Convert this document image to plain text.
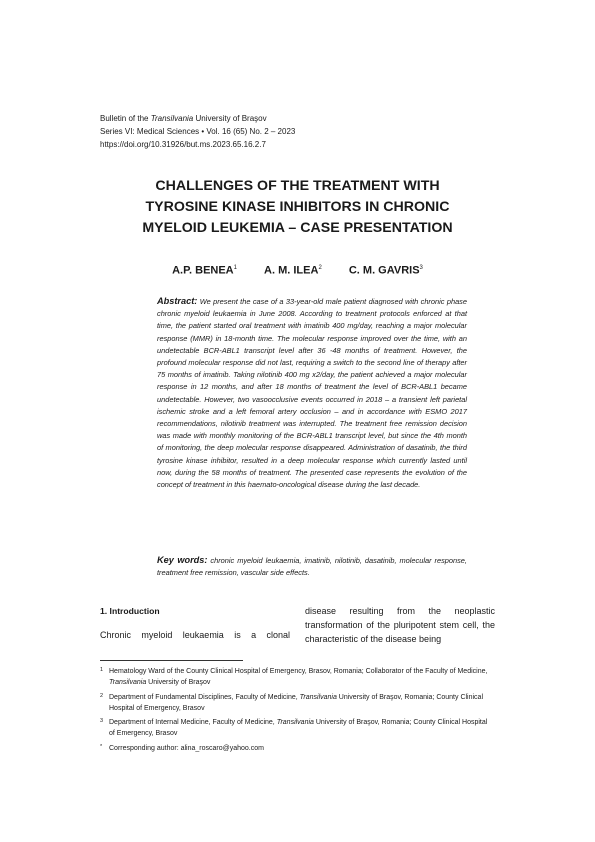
Bulletin of the Transilvania University of Braşov
Series VI: Medical Sciences • Vol. 16 (65) No. 2 – 2023
https://doi.org/10.31926/but.ms.2023.65.16.2.7
CHALLENGES OF THE TREATMENT WITH
TYROSINE KINASE INHIBITORS IN CHRONIC
MYELOID LEUKEMIA – CASE PRESENTATION
A.P. BENEA$^1$ A. M. ILEA$^2$ C. M. GAVRIS$^3$
Abstract: We present the case of a 33-year-old male patient diagnosed with chronic phase chronic myeloid leukaemia in June 2008. According to treatment protocols enforced at that time, the patient started oral treatment with imatinib 400 mg/day, reaching a major molecular response (MMR) in 18-month time. The molecular response improved over the time, with an undetectable BCR-ABL1 transcript level after 36 -48 months of treatment. However, the profound molecular response did not last, requiring a switch to the second line of therapy after 75 months of imatinib. Taking nilotinib 400 mg x2/day, the patient achieved a major molecular response in 12 months, and after 18 months of treatment the level of BCR-ABL1 became undetectable. However, two vasoocclusive events occurred in 2018 – a transient left parietal ischemic stroke and a left femoral artery occlusion – and in accordance with ESMO 2017 recommendations, nilotinib treatment was interrupted. The treatment free remission decision was made with monthly monitoring of the BCR-ABL1 transcript level, but since the 4th month of monitoring, the deep molecular response disappeared. Administration of dasatinib, the third tyrosine kinase inhibitor, resulted in a deep molecular response which currently lasted until now, during the 58 months of treatment. The presented case represents the evolution of the concept of treatment in this haemato-oncological disease during the last decade.
Key words: chronic myeloid leukaemia, imatinib, nilotinib, dasatinib, molecular response, treatment free remission, vascular side effects.
1. Introduction
Chronic myeloid leukaemia is a clonal
disease resulting from the neoplastic transformation of the pluripotent stem cell, the characteristic of the disease being
1 Hematology Ward of the County Clinical Hospital of Emergency, Brasov, Romania; Collaborator of the Faculty of Medicine, Transilvania University of Braşov
2 Department of Fundamental Disciplines, Faculty of Medicine, Transilvania University of Braşov, Romania; County Clinical Hospital of Emergency, Brasov
3 Department of Internal Medicine, Faculty of Medicine, Transilvania University of Braşov, Romania; County Clinical Hospital of Emergency, Brasov
* Corresponding author: alina_roscaro@yahoo.com
